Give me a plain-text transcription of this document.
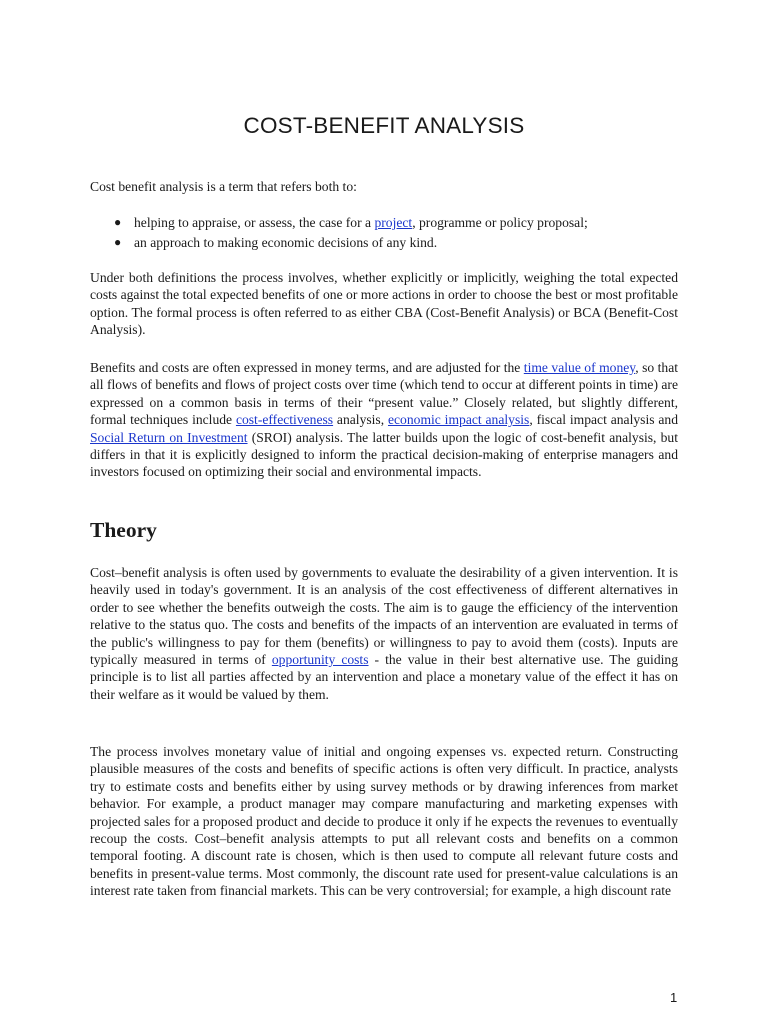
COST-BENEFIT ANALYSIS

Cost benefit analysis is a term that refers both to:

● helping to appraise, or assess, the case for a project, programme or policy proposal;
● an approach to making economic decisions of any kind.

Under both definitions the process involves, whether explicitly or implicitly, weighing the total expected costs against the total expected benefits of one or more actions in order to choose the best or most profitable option. The formal process is often referred to as either CBA (Cost-Benefit Analysis) or BCA (Benefit-Cost Analysis).

Benefits and costs are often expressed in money terms, and are adjusted for the time value of money, so that all flows of benefits and flows of project costs over time (which tend to occur at different points in time) are expressed on a common basis in terms of their “present value.” Closely related, but slightly different, formal techniques include cost-effectiveness analysis, economic impact analysis, fiscal impact analysis and Social Return on Investment (SROI) analysis. The latter builds upon the logic of cost-benefit analysis, but differs in that it is explicitly designed to inform the practical decision-making of enterprise managers and investors focused on optimizing their social and environmental impacts.

Theory

Cost–benefit analysis is often used by governments to evaluate the desirability of a given intervention. It is heavily used in today's government. It is an analysis of the cost effectiveness of different alternatives in order to see whether the benefits outweigh the costs. The aim is to gauge the efficiency of the intervention relative to the status quo. The costs and benefits of the impacts of an intervention are evaluated in terms of the public's willingness to pay for them (benefits) or willingness to pay to avoid them (costs). Inputs are typically measured in terms of opportunity costs - the value in their best alternative use. The guiding principle is to list all parties affected by an intervention and place a monetary value of the effect it has on their welfare as it would be valued by them.

The process involves monetary value of initial and ongoing expenses vs. expected return. Constructing plausible measures of the costs and benefits of specific actions is often very difficult. In practice, analysts try to estimate costs and benefits either by using survey methods or by drawing inferences from market behavior. For example, a product manager may compare manufacturing and marketing expenses with projected sales for a proposed product and decide to produce it only if he expects the revenues to eventually recoup the costs. Cost–benefit analysis attempts to put all relevant costs and benefits on a common temporal footing. A discount rate is chosen, which is then used to compute all relevant future costs and benefits in present-value terms. Most commonly, the discount rate used for present-value calculations is an interest rate taken from financial markets. This can be very controversial; for example, a high discount rate

1
